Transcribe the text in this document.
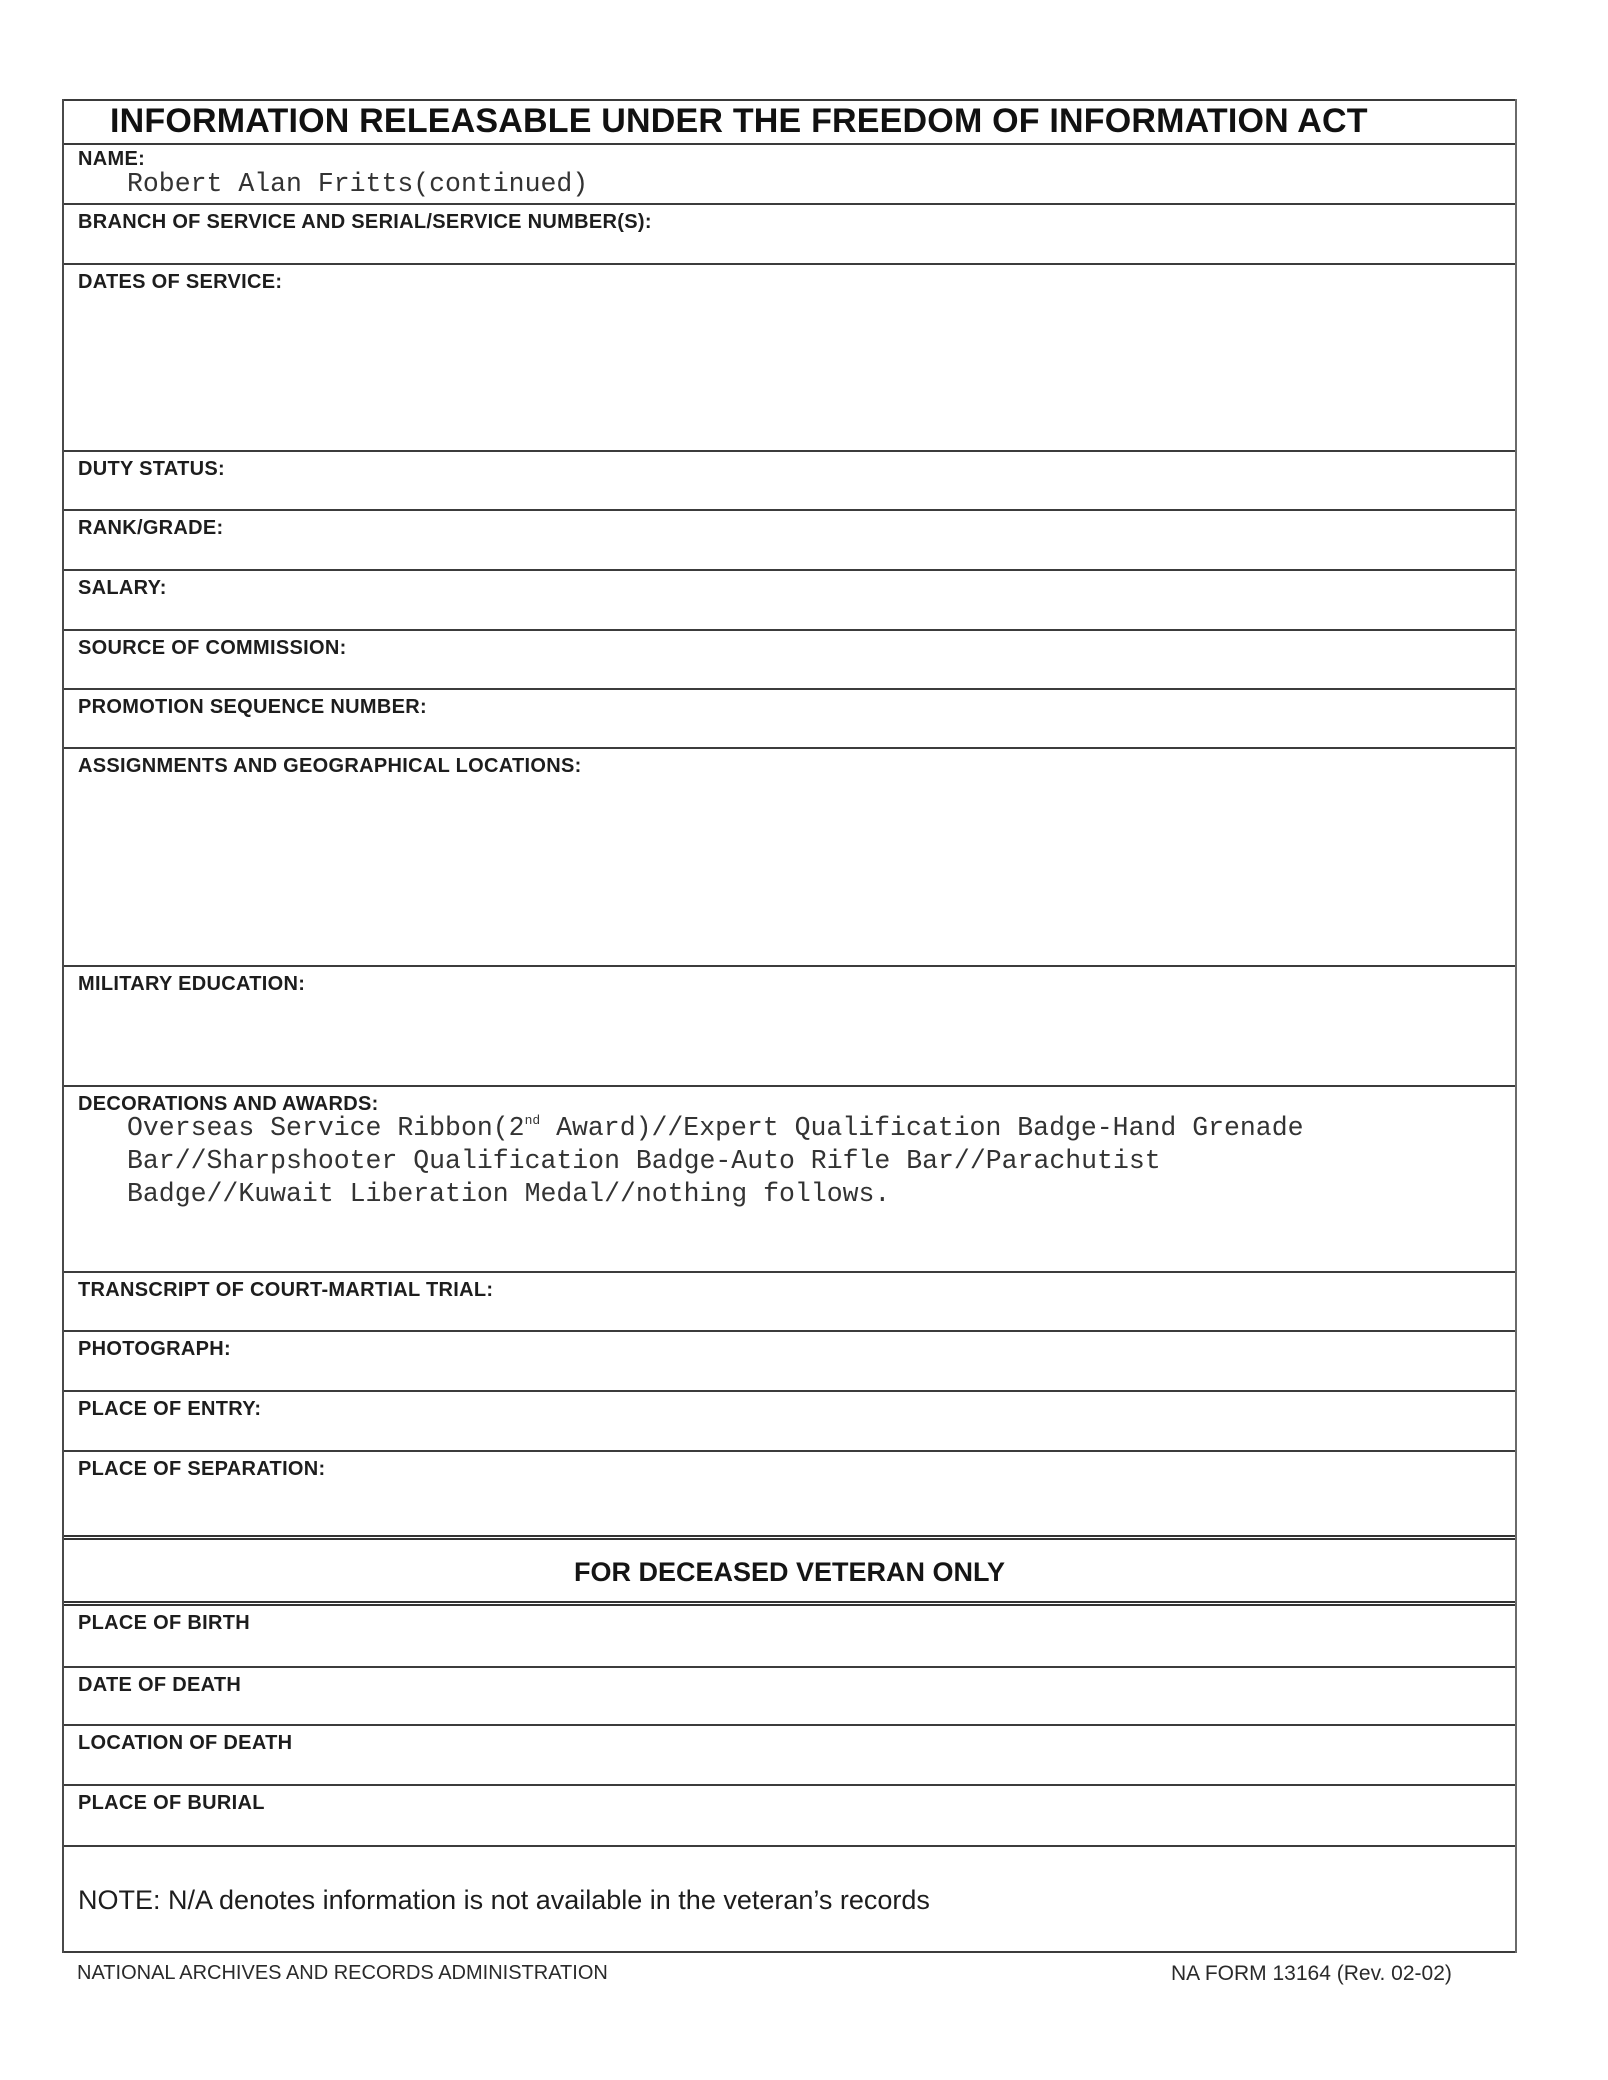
INFORMATION RELEASABLE UNDER THE FREEDOM OF INFORMATION ACT
NAME:
Robert Alan Fritts(continued)
BRANCH OF SERVICE AND SERIAL/SERVICE NUMBER(S):
DATES OF SERVICE:
DUTY STATUS:
RANK/GRADE:
SALARY:
SOURCE OF COMMISSION:
PROMOTION SEQUENCE NUMBER:
ASSIGNMENTS AND GEOGRAPHICAL LOCATIONS:
MILITARY EDUCATION:
DECORATIONS AND AWARDS:
Overseas Service Ribbon(2nd Award)//Expert Qualification Badge-Hand Grenade
Bar//Sharpshooter Qualification Badge-Auto Rifle Bar//Parachutist
Badge//Kuwait Liberation Medal//nothing follows.
TRANSCRIPT OF COURT-MARTIAL TRIAL:
PHOTOGRAPH:
PLACE OF ENTRY:
PLACE OF SEPARATION:
FOR DECEASED VETERAN ONLY
PLACE OF BIRTH
DATE OF DEATH
LOCATION OF DEATH
PLACE OF BURIAL
NOTE: N/A denotes information is not available in the veteran’s records
NATIONAL ARCHIVES AND RECORDS ADMINISTRATION	NA FORM 13164 (Rev. 02-02)
